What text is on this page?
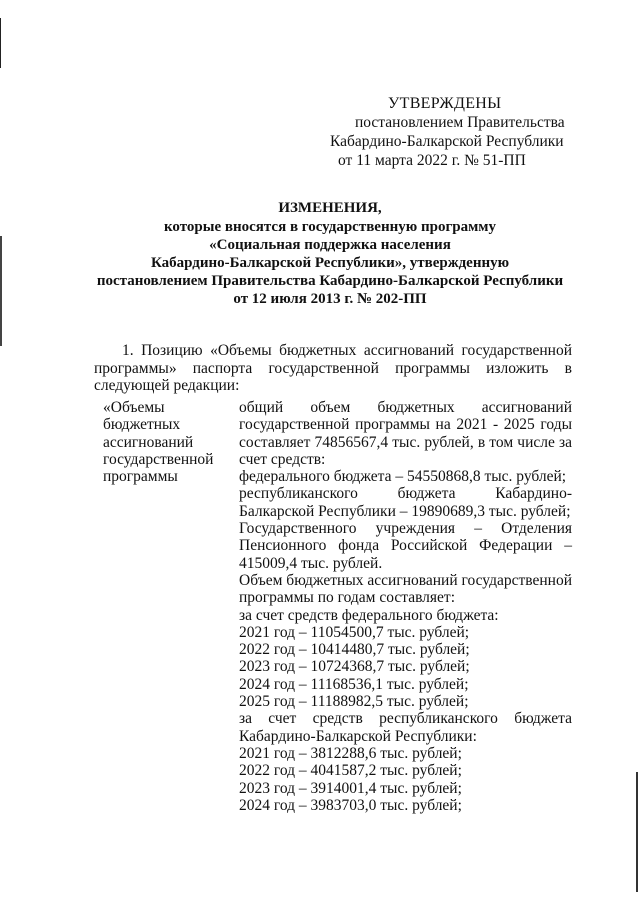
УТВЕРЖДЕНЫ
постановлением Правительства
Кабардино-Балкарской Республики
от 11 марта 2022 г. № 51-ПП
ИЗМЕНЕНИЯ,
которые вносятся в государственную программу
«Социальная поддержка населения
Кабардино-Балкарской Республики», утвержденную
постановлением Правительства Кабардино-Балкарской Республики
от 12 июля 2013 г. № 202-ПП
1. Позицию «Объемы бюджетных ассигнований государственной программы» паспорта государственной программы изложить в следующей редакции:
«Объемы
бюджетных
ассигнований
государственной
программы
общий объем бюджетных ассигнований государственной программы на 2021 - 2025 годы составляет 74856567,4 тыс. рублей, в том числе за счет средств:
федерального бюджета – 54550868,8 тыс. рублей;
республиканского бюджета Кабардино-Балкарской Республики – 19890689,3 тыс. рублей;
Государственного учреждения – Отделения Пенсионного фонда Российской Федерации – 415009,4 тыс. рублей.
Объем бюджетных ассигнований государственной программы по годам составляет:
за счет средств федерального бюджета:
2021 год – 11054500,7 тыс. рублей;
2022 год – 10414480,7 тыс. рублей;
2023 год – 10724368,7 тыс. рублей;
2024 год – 11168536,1 тыс. рублей;
2025 год – 11188982,5 тыс. рублей;
за счет средств республиканского бюджета Кабардино-Балкарской Республики:
2021 год – 3812288,6 тыс. рублей;
2022 год – 4041587,2 тыс. рублей;
2023 год – 3914001,4 тыс. рублей;
2024 год – 3983703,0 тыс. рублей;
